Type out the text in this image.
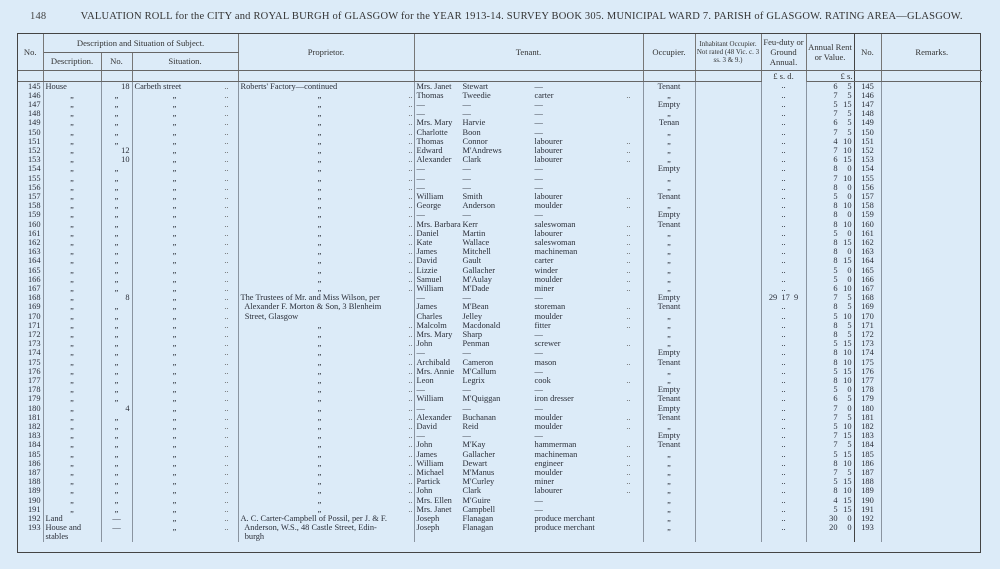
148	VALUATION ROLL for the CITY and ROYAL BURGH of GLASGOW for the YEAR 1913-14. SURVEY BOOK 305. MUNICIPAL WARD 7. PARISH of GLASGOW. RATING AREA—GLASGOW.
No.	Description and Situation of Subject.			Proprietor.	Tenant.	Occupier.	Inhabitant Occupier. Not rated (48 Vic. c. 3 ss. 3 & 9.)	Feu-duty or Ground Annual.	Annual Rent or Value.	No.	Remarks.
	Description.	No.	Situation.								
								£ s. d.	£ s.		
145	House	18	Carbeth street ..	Roberts' Factory—continued	Mrs. Janet Stewart —	Tenant		..	6 5	145	
146	„	„	„ ..	„ ..	Thomas Tweedie carter ..	„		..	7 5	146	
147	„	„	„ ..	„ ..	— — —	Empty		..	5 15	147	
148	„	„	„ ..	„ ..	— — —	„		..	7 5	148	
149	„	„	„ ..	„ ..	Mrs. Mary Harvie —	Tenan		..	6 5	149	
150	„	„	„ ..	„ ..	Charlotte Boon —	„		..	7 5	150	
151	„	„	„ ..	„ ..	Thomas Connor labourer ..	„		..	4 10	151	
152	„	12	„ ..	„ ..	Edward M'Andrews labourer ..	„		..	7 10	152	
153	„	10	„ ..	„ ..	Alexander Clark labourer ..	„		..	6 15	153	
154	„	„	„ ..	„ ..	— — —	Empty		..	8 0	154	
155	„	„	„ ..	„ ..	— — —	„		..	7 10	155	
156	„	„	„ ..	„ ..	— — —	„		..	8 0	156	
157	„	„	„ ..	„ ..	William Smith labourer ..	Tenant		..	5 0	157	
158	„	„	„ ..	„ ..	George Anderson moulder ..	„		..	8 10	158	
159	„	„	„ ..	„ ..	— — —	Empty		..	8 0	159	
160	„	„	„ ..	„ ..	Mrs. Barbara Kerr saleswoman ..	Tenant		..	8 10	160	
161	„	„	„ ..	„ ..	Daniel Martin labourer ..	„		..	5 0	161	
162	„	„	„ ..	„ ..	Kate Wallace saleswoman ..	„		..	8 15	162	
163	„	„	„ ..	„ ..	James Mitchell machineman ..	„		..	8 0	163	
164	„	„	„ ..	„ ..	David Gault carter ..	„		..	8 15	164	
165	„	„	„ ..	„ ..	Lizzie Gallacher winder ..	„		..	5 0	165	
166	„	„	„ ..	„ ..	Samuel M'Aulay moulder ..	„		..	5 0	166	
167	„	„	„ ..	„ ..	William M'Dade miner ..	„		..	6 10	167	
168	„	8	„ ..	The Trustees of Mr. and Miss Wilson, per	— — —	Empty		29  17  9	7 5	168	
169	„	„	„ ..	Alexander F. Morton & Son, 3 Blenheim	James M'Bean storeman ..	Tenant		..	8 5	169	
170	„	„	„ ..	Street, Glasgow	Charles Jelley moulder ..	„		..	5 10	170	
171	„	„	„ ..	„ ..	Malcolm Macdonald fitter ..	„		..	8 5	171	
172	„	„	„ ..	„ ..	Mrs. Mary Sharp —	„		..	8 5	172	
173	„	„	„ ..	„ ..	John Penman screwer ..	„		..	5 15	173	
174	„	„	„ ..	„ ..	— — —	Empty		..	8 10	174	
175	„	„	„ ..	„ ..	Archibald Cameron mason ..	Tenant		..	8 10	175	
176	„	„	„ ..	„ ..	Mrs. Annie M'Callum —	„		..	5 15	176	
177	„	„	„ ..	„ ..	Leon Legrix cook ..	„		..	8 10	177	
178	„	„	„ ..	„ ..	— — —	Empty		..	5 0	178	
179	„	„	„ ..	„ ..	William M'Quiggan iron dresser ..	Tenant		..	6 5	179	
180	„	4	„ ..	„ ..	— — —	Empty		..	7 0	180	
181	„	„	„ ..	„ ..	Alexander Buchanan moulder ..	Tenant		..	7 5	181	
182	„	„	„ ..	„ ..	David Reid moulder ..	„		..	5 10	182	
183	„	„	„ ..	„ ..	— — —	Empty		..	7 15	183	
184	„	„	„ ..	„ ..	John M'Kay hammerman ..	Tenant		..	7 5	184	
185	„	„	„ ..	„ ..	James Gallacher machineman ..	„		..	5 15	185	
186	„	„	„ ..	„ ..	William Dewart engineer ..	„		..	8 10	186	
187	„	„	„ ..	„ ..	Michael M'Manus moulder ..	„		..	7 5	187	
188	„	„	„ ..	„ ..	Partick M'Curley miner ..	„		..	5 15	188	
189	„	„	„ ..	„ ..	John Clark labourer ..	„		..	8 10	189	
190	„	„	„ ..	„ ..	Mrs. Ellen M'Guire —	„		..	4 15	190	
191	„	„	„ ..	„ ..	Mrs. Janet Campbell —	„		..	5 15	191	
192	Land	—	„ ..	A. C. Carter-Campbell of Possil, per J. & F.	Joseph Flanagan produce merchant	„		..	30 0	192	
193	House and	—	„ ..	Anderson, W.S., 48 Castle Street, Edin-	Joseph Flanagan produce merchant	„		..	20 0	193	
	stables			burgh							
